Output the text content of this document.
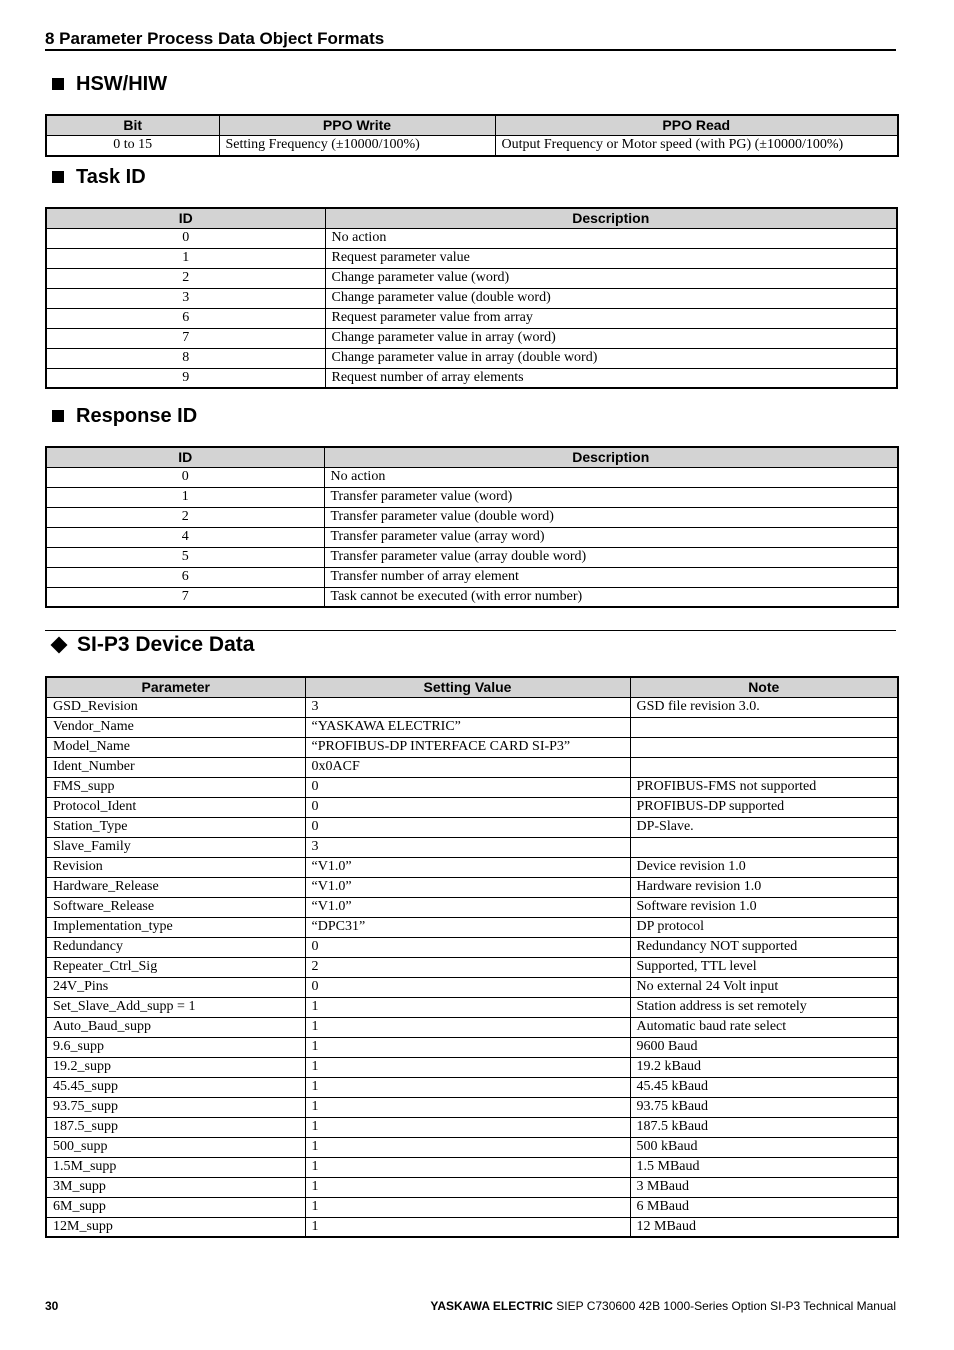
8 Parameter Process Data Object Formats
HSW/HIW
Bit	PPO Write	PPO Read
0 to 15	Setting Frequency (±10000/100%)	Output Frequency or Motor speed (with PG) (±10000/100%)
Task ID
ID	Description
0	No action
1	Request parameter value
2	Change parameter value (word)
3	Change parameter value (double word)
6	Request parameter value from array
7	Change parameter value in array (word)
8	Change parameter value in array (double word)
9	Request number of array elements
Response ID
ID	Description
0	No action
1	Transfer parameter value (word)
2	Transfer parameter value (double word)
4	Transfer parameter value (array word)
5	Transfer parameter value (array double word)
6	Transfer number of array element
7	Task cannot be executed (with error number)
SI-P3 Device Data
Parameter	Setting Value	Note
GSD_Revision	3	GSD file revision 3.0.
Vendor_Name	“YASKAWA ELECTRIC”	
Model_Name	“PROFIBUS-DP INTERFACE CARD SI-P3”	
Ident_Number	0x0ACF	
FMS_supp	0	PROFIBUS-FMS not supported
Protocol_Ident	0	PROFIBUS-DP supported
Station_Type	0	DP-Slave.
Slave_Family	3	
Revision	“V1.0”	Device revision 1.0
Hardware_Release	“V1.0”	Hardware revision 1.0
Software_Release	“V1.0”	Software revision 1.0
Implementation_type	“DPC31”	DP protocol
Redundancy	0	Redundancy NOT supported
Repeater_Ctrl_Sig	2	Supported, TTL level
24V_Pins	0	No external 24 Volt input
Set_Slave_Add_supp = 1	1	Station address is set remotely
Auto_Baud_supp	1	Automatic baud rate select
9.6_supp	1	9600 Baud
19.2_supp	1	19.2 kBaud
45.45_supp	1	45.45 kBaud
93.75_supp	1	93.75 kBaud
187.5_supp	1	187.5 kBaud
500_supp	1	500 kBaud
1.5M_supp	1	1.5 MBaud
3M_supp	1	3 MBaud
6M_supp	1	6 MBaud
12M_supp	1	12 MBaud
30	YASKAWA ELECTRIC SIEP C730600 42B 1000-Series Option SI-P3 Technical Manual
